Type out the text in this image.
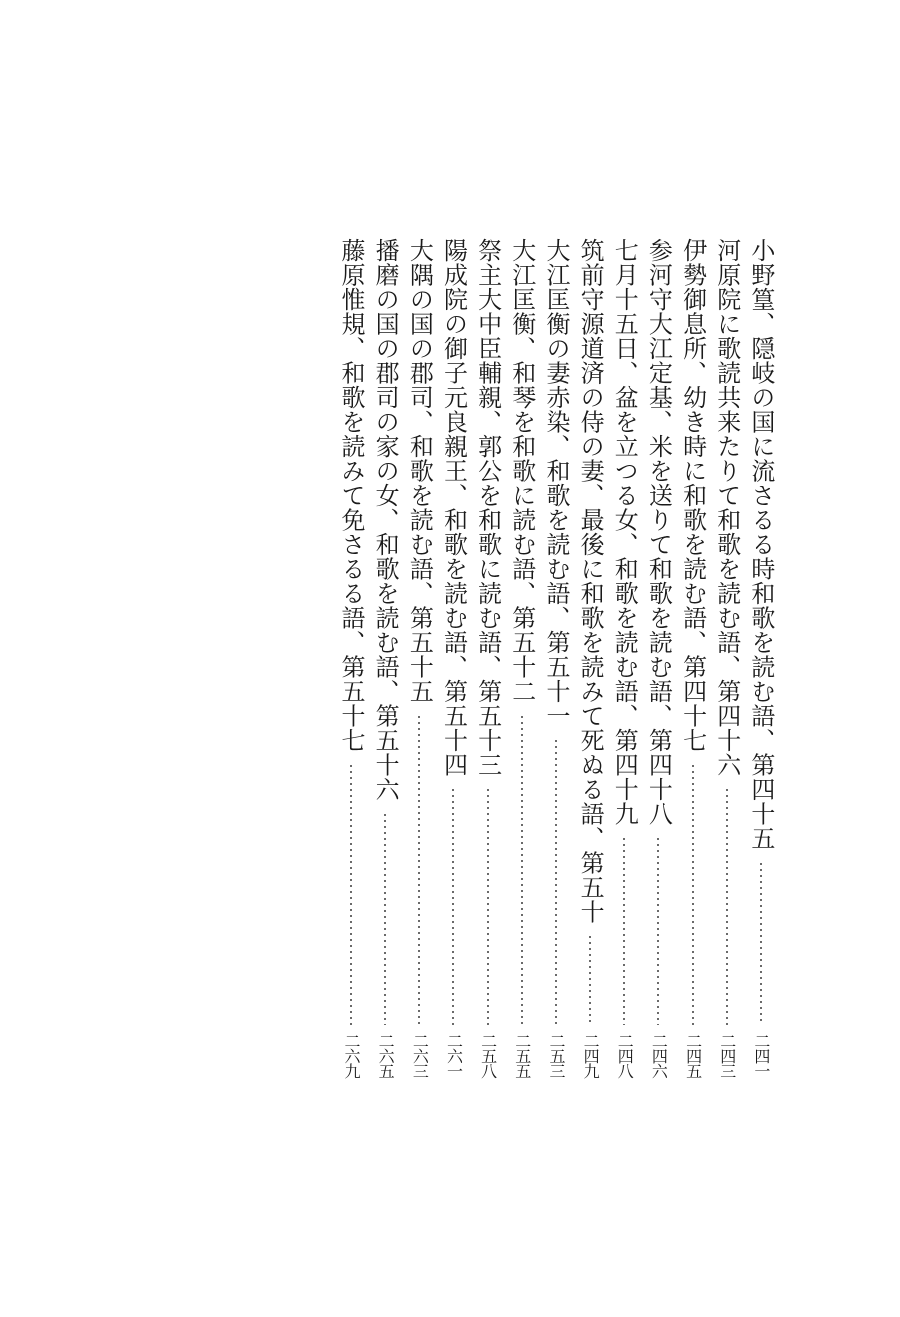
小野篁、隠岐の国に流さるる時和歌を読む語、第四十五
二四一
河原院に歌読共来たりて和歌を読む語、第四十六
二四三
伊勢御息所、幼き時に和歌を読む語、第四十七
二四五
参河守大江定基、米を送りて和歌を読む語、第四十八
二四六
七月十五日、盆を立つる女、和歌を読む語、第四十九
二四八
筑前守源道済の侍の妻、最後に和歌を読みて死ぬる語、第五十
二四九
大江匡衡の妻赤染、和歌を読む語、第五十一
二五三
大江匡衡、和琴を和歌に読む語、第五十二
二五五
祭主大中臣輔親、郭公を和歌に読む語、第五十三
二五八
陽成院の御子元良親王、和歌を読む語、第五十四
二六一
大隅の国の郡司、和歌を読む語、第五十五
二六三
播磨の国の郡司の家の女、和歌を読む語、第五十六
二六五
藤原惟規、和歌を読みて免さるる語、第五十七
二六九
